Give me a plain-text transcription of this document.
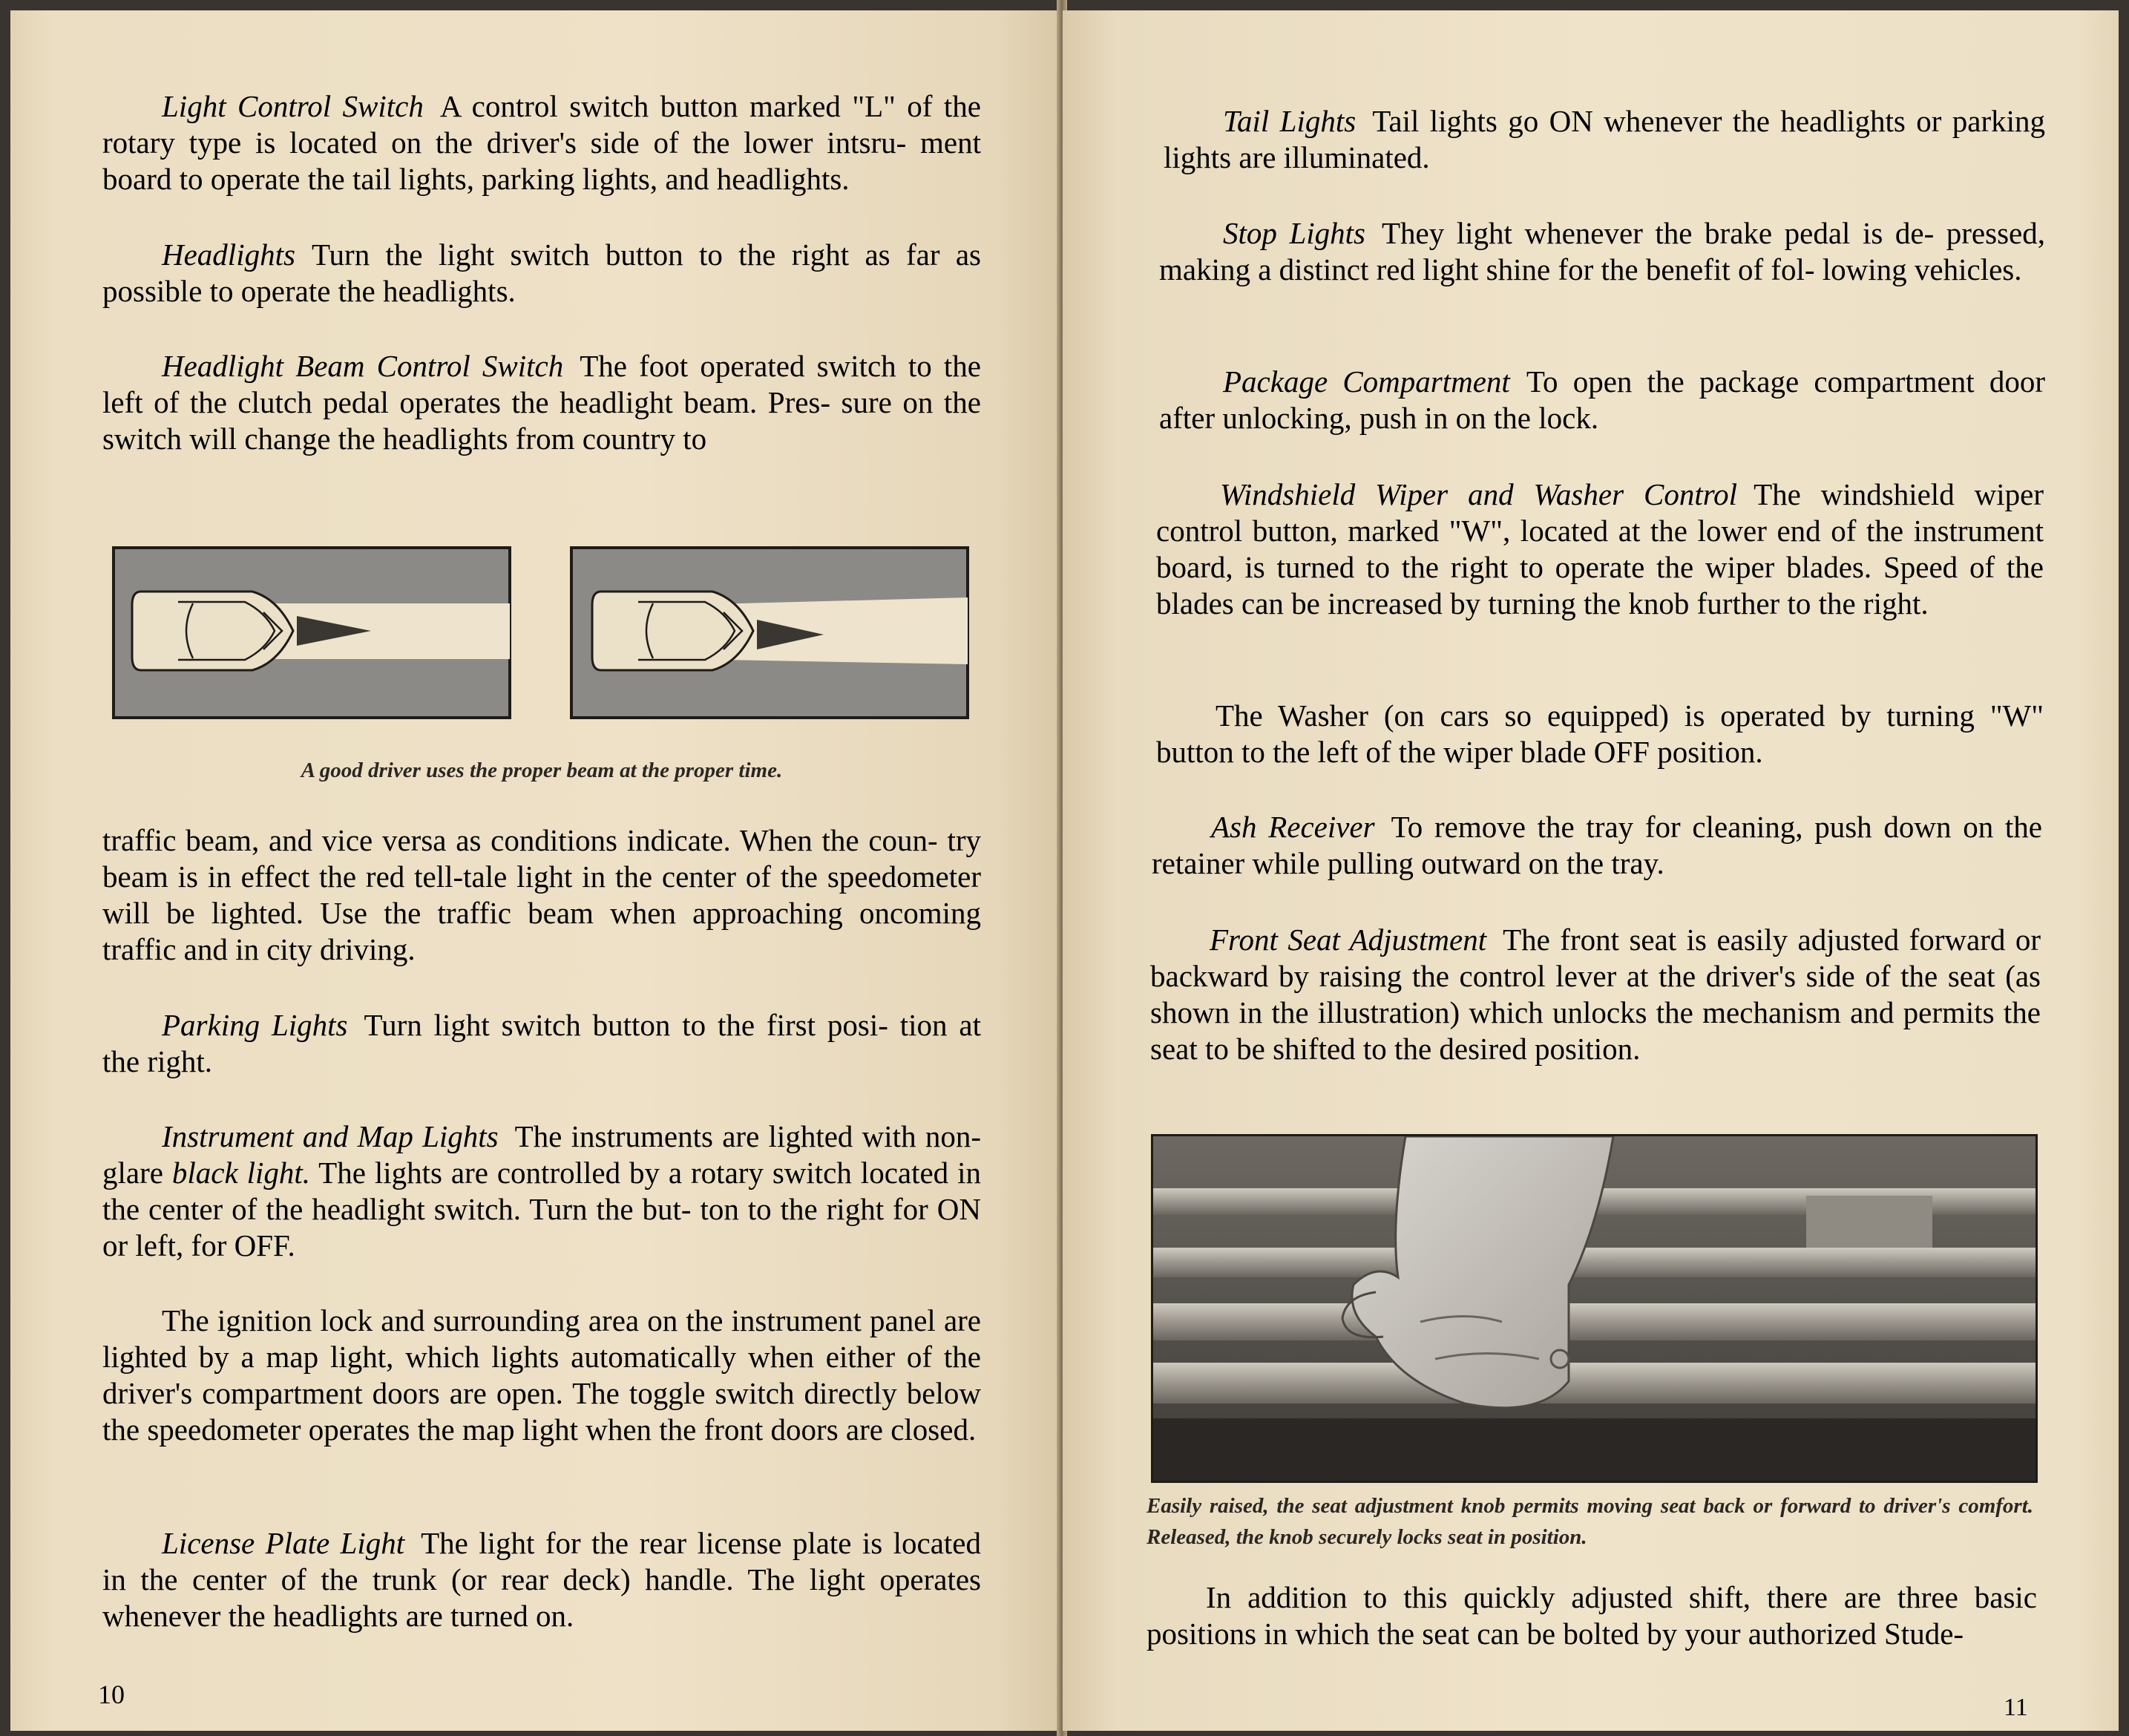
Light Control Switch A control switch button marked "L" of the rotary type is located on the driver's side of the lower intsru- ment board to operate the tail lights, parking lights, and headlights.

Headlights Turn the light switch button to the right as far as possible to operate the headlights.

Headlight Beam Control Switch The foot operated switch to the left of the clutch pedal operates the headlight beam. Pres- sure on the switch will change the headlights from country to

A good driver uses the proper beam at the proper time.

traffic beam, and vice versa as conditions indicate. When the coun- try beam is in effect the red tell-tale light in the center of the speedometer will be lighted. Use the traffic beam when approaching oncoming traffic and in city driving.

Parking Lights Turn light switch button to the first posi- tion at the right.

Instrument and Map Lights The instruments are lighted with non-glare black light. The lights are controlled by a rotary switch located in the center of the headlight switch. Turn the but- ton to the right for ON or left, for OFF.

The ignition lock and surrounding area on the instrument panel are lighted by a map light, which lights automatically when either of the driver's compartment doors are open. The toggle switch directly below the speedometer operates the map light when the front doors are closed.

License Plate Light The light for the rear license plate is located in the center of the trunk (or rear deck) handle. The light operates whenever the headlights are turned on.

10

Tail Lights Tail lights go ON whenever the headlights or parking lights are illuminated.

Stop Lights They light whenever the brake pedal is de- pressed, making a distinct red light shine for the benefit of fol- lowing vehicles.

Package Compartment To open the package compartment door after unlocking, push in on the lock.

Windshield Wiper and Washer Control The windshield wiper control button, marked "W", located at the lower end of the instrument board, is turned to the right to operate the wiper blades. Speed of the blades can be increased by turning the knob further to the right.

The Washer (on cars so equipped) is operated by turning "W" button to the left of the wiper blade OFF position.

Ash Receiver To remove the tray for cleaning, push down on the retainer while pulling outward on the tray.

Front Seat Adjustment The front seat is easily adjusted forward or backward by raising the control lever at the driver's side of the seat (as shown in the illustration) which unlocks the mechanism and permits the seat to be shifted to the desired position.

Easily raised, the seat adjustment knob permits moving seat back or forward to driver's comfort. Released, the knob securely locks seat in position.

In addition to this quickly adjusted shift, there are three basic positions in which the seat can be bolted by your authorized Stude-

11
